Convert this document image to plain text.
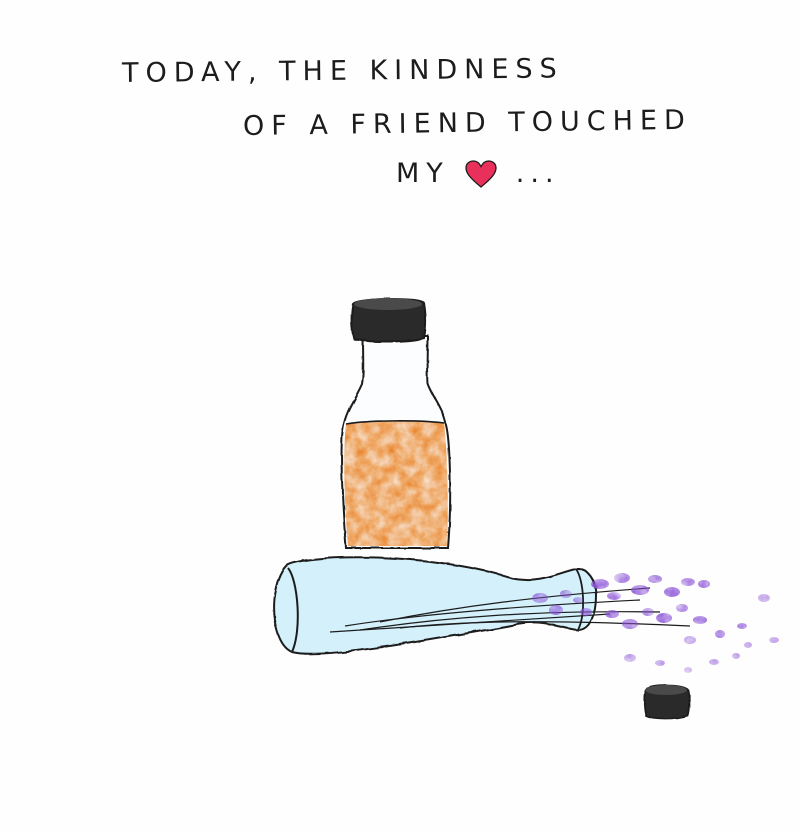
TODAY, THE KINDNESS
OF A FRIEND TOUCHED
MY ...
